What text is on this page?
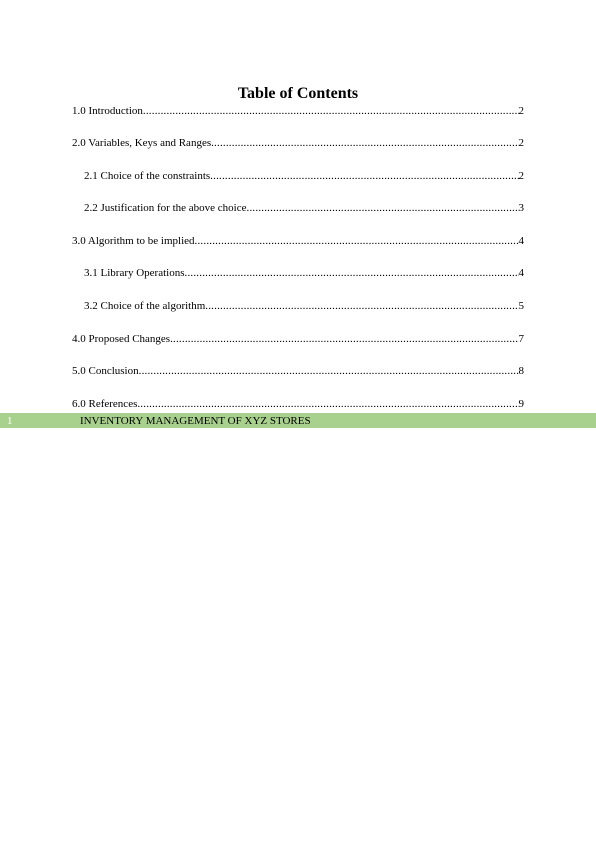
Table of Contents
1.0 Introduction .....	2
2.0 Variables, Keys and Ranges .....	2
2.1 Choice of the constraints .....	2
2.2 Justification for the above choice .....	3
3.0 Algorithm to be implied .....	4
3.1 Library Operations .....	4
3.2 Choice of the algorithm .....	5
4.0 Proposed Changes .....	7
5.0 Conclusion .....	8
6.0 References .....	9
1	INVENTORY MANAGEMENT OF XYZ STORES
